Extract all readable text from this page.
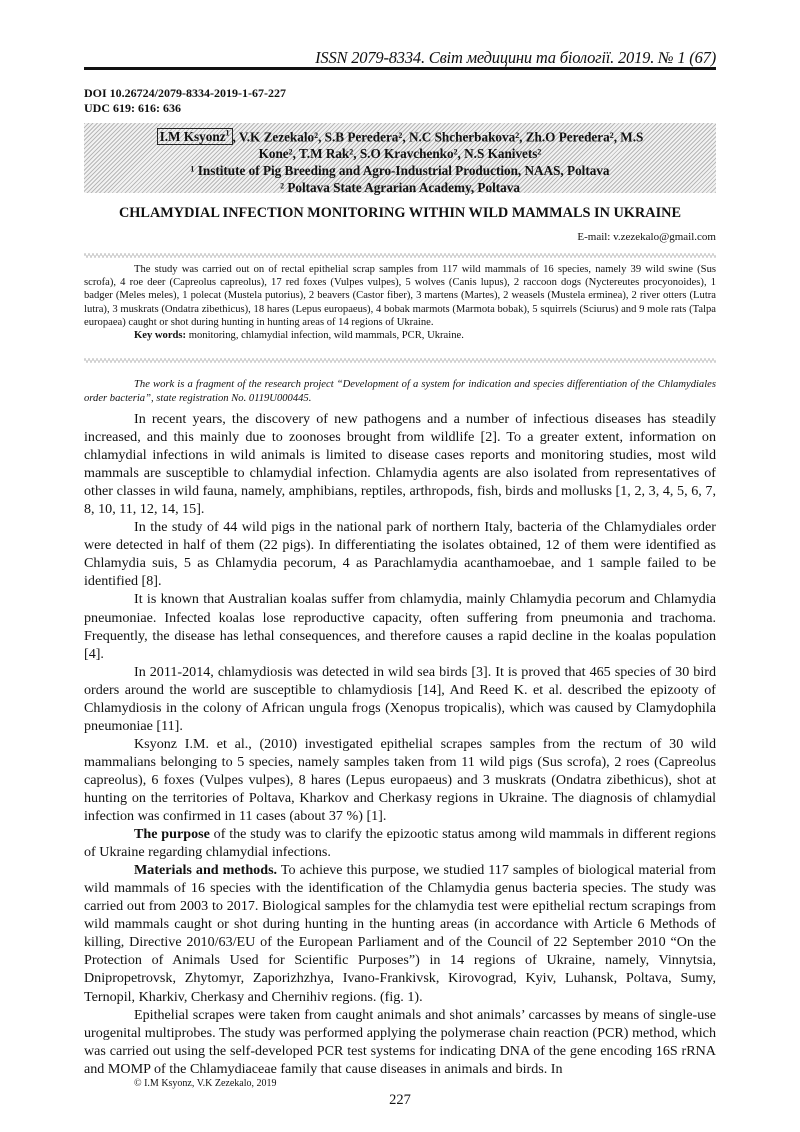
ISSN 2079-8334. Світ медицини та біології. 2019. № 1 (67)
DOI 10.26724/2079-8334-2019-1-67-227
UDC 619: 616: 636
I.M Ksyonz$^1$ , V.K Zezekalo², S.B Peredera², N.C Shcherbakova², Zh.O Peredera², M.S
Kone², T.M Rak², S.O Kravchenko², N.S Kanivets²
¹ Institute of Pig Breeding and Agro-Industrial Production, NAAS, Poltava
² Poltava State Agrarian Academy, Poltava
CHLAMYDIAL INFECTION MONITORING WITHIN WILD MAMMALS IN UKRAINE
E-mail: v.zezekalo@gmail.com

The study was carried out on of rectal epithelial scrap samples from 117 wild mammals of 16 species, namely 39 wild swine (Sus scrofa), 4 roe deer (Capreolus capreolus), 17 red foxes (Vulpes vulpes), 5 wolves (Canis lupus), 2 raccoon dogs (Nyctereutes procyonoides), 1 badger (Meles meles), 1 polecat (Mustela putorius), 2 beavers (Castor fiber), 3 martens (Martes), 2 weasels (Mustela erminea), 2 river otters (Lutra lutra), 3 muskrats (Ondatra zibethicus), 18 hares (Lepus europaeus), 4 bobak marmots (Marmota bobak), 5 squirrels (Sciurus) and 9 mole rats (Talpa europaea) caught or shot during hunting in hunting areas of 14 regions of Ukraine.

Key words: monitoring, chlamydial infection, wild mammals, PCR, Ukraine.

The work is a fragment of the research project “Development of a system for indication and species differentiation of the Chlamydiales order bacteria”, state registration No. 0119U000445.

In recent years, the discovery of new pathogens and a number of infectious diseases has steadily increased, and this mainly due to zoonoses brought from wildlife [2]. To a greater extent, information on chlamydial infections in wild animals is limited to disease cases reports and monitoring studies, most wild mammals are susceptible to chlamydial infection. Chlamydia agents are also isolated from representatives of other classes in wild fauna, namely, amphibians, reptiles, arthropods, fish, birds and mollusks [1, 2, 3, 4, 5, 6, 7, 8, 10, 11, 12, 14, 15].

In the study of 44 wild pigs in the national park of northern Italy, bacteria of the Chlamydiales order were detected in half of them (22 pigs). In differentiating the isolates obtained, 12 of them were identified as Chlamydia suis, 5 as Chlamydia pecorum, 4 as Parachlamydia acanthamoebae, and 1 sample failed to be identified [8].

It is known that Australian koalas suffer from chlamydia, mainly Chlamydia pecorum and Chlamydia pneumoniae. Infected koalas lose reproductive capacity, often suffering from pneumonia and trachoma. Frequently, the disease has lethal consequences, and therefore causes a rapid decline in the koalas population [4].

In 2011-2014, chlamydiosis was detected in wild sea birds [3]. It is proved that 465 species of 30 bird orders around the world are susceptible to chlamydiosis [14], And Reed K. et al. described the epizooty of Chlamydiosis in the colony of African ungula frogs (Xenopus tropicalis), which was caused by Clamydophila pneumoniae [11].

Ksyonz I.M. et al., (2010) investigated epithelial scrapes samples from the rectum of 30 wild mammalians belonging to 5 species, namely samples taken from 11 wild pigs (Sus scrofa), 2 roes (Capreolus capreolus), 6 foxes (Vulpes vulpes), 8 hares (Lepus europaeus) and 3 muskrats (Ondatra zibethicus), shot at hunting on the territories of Poltava, Kharkov and Cherkasy regions in Ukraine. The diagnosis of chlamydial infection was confirmed in 11 cases (about 37 %) [1].

The purpose of the study was to clarify the epizootic status among wild mammals in different regions of Ukraine regarding chlamydial infections.

Materials and methods. To achieve this purpose, we studied 117 samples of biological material from wild mammals of 16 species with the identification of the Chlamydia genus bacteria species. The study was carried out from 2003 to 2017. Biological samples for the chlamydia test were epithelial rectum scrapings from wild mammals caught or shot during hunting in the hunting areas (in accordance with Article 6 Methods of killing, Directive 2010/63/EU of the European Parliament and of the Council of 22 September 2010 “On the Protection of Animals Used for Scientific Purposes”) in 14 regions of Ukraine, namely, Vinnytsia, Dnipropetrovsk, Zhytomyr, Zaporizhzhya, Ivano-Frankivsk, Kirovograd, Kyiv, Luhansk, Poltava, Sumy, Ternopil, Kharkiv, Cherkasy and Chernihiv regions. (fig. 1).

Epithelial scrapes were taken from caught animals and shot animals’ carcasses by means of single-use urogenital multiprobes. The study was performed applying the polymerase chain reaction (PCR) method, which was carried out using the self-developed PCR test systems for indicating DNA of the gene encoding 16S rRNA and MOMP of the Chlamydiaceae family that cause diseases in animals and birds. In

© I.M Ksyonz, V.K Zezekalo, 2019
227
